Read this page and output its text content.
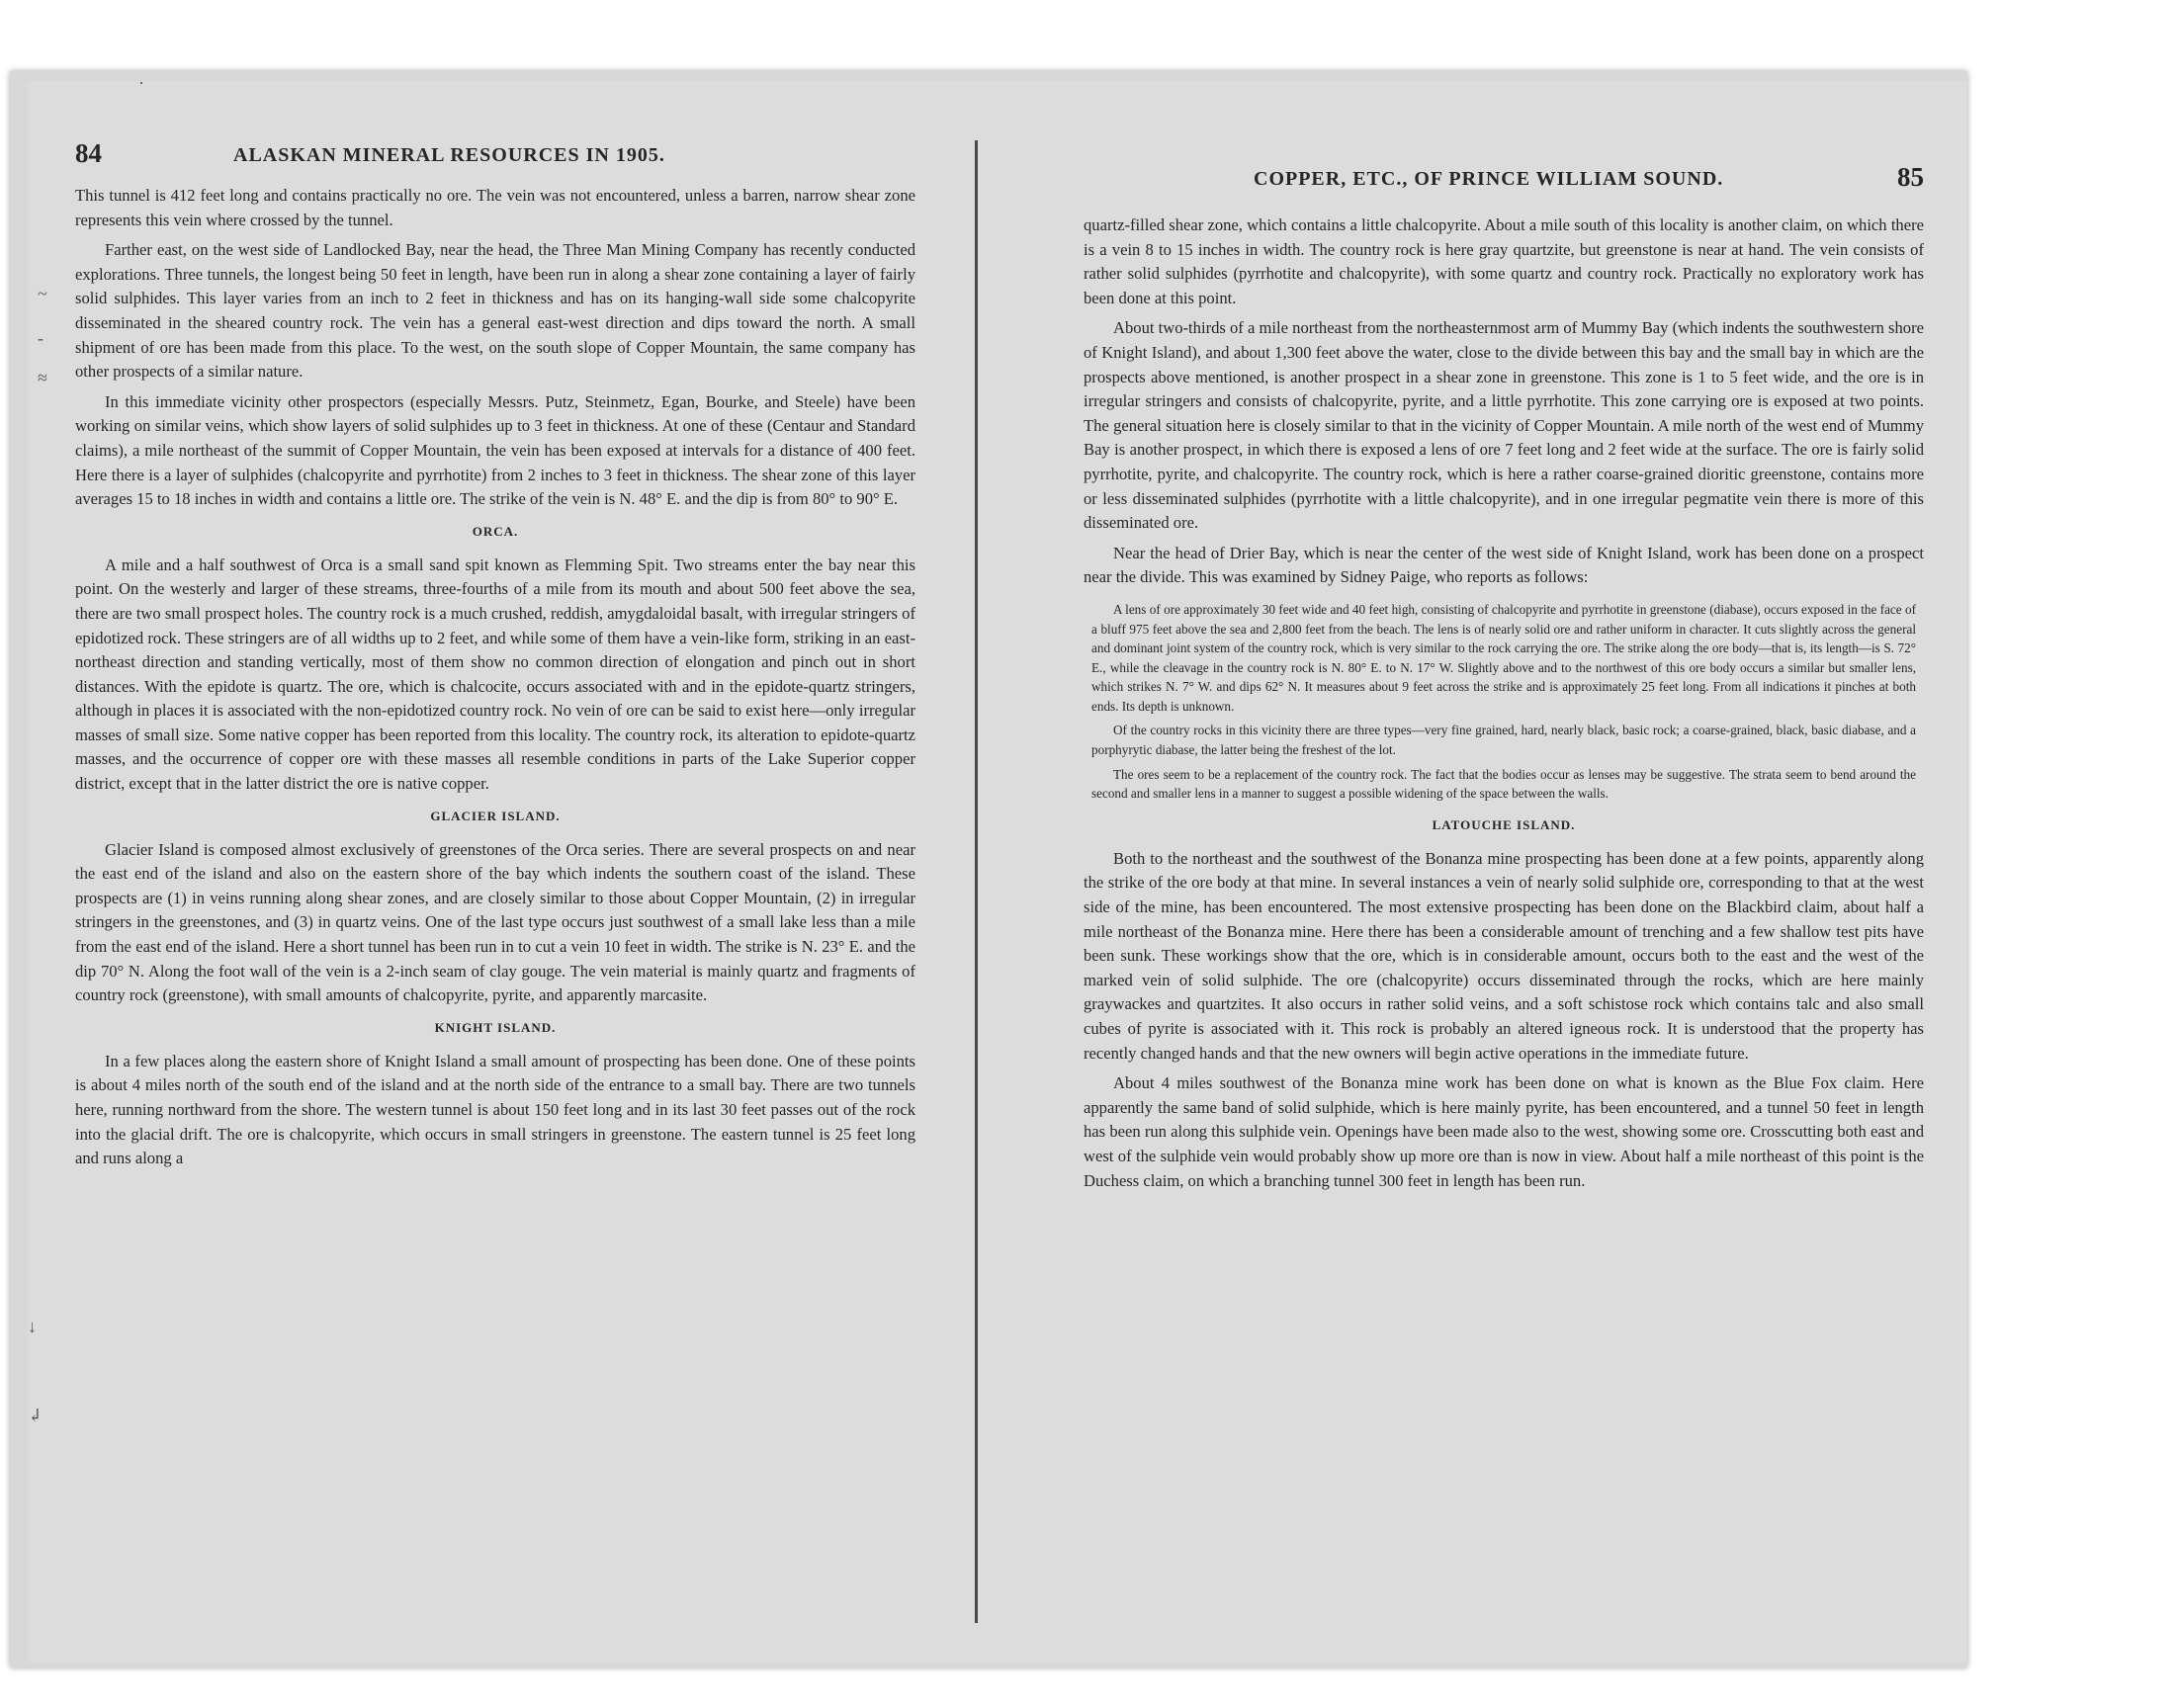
·
~
-
≈
↓
↲
84	ALASKAN MINERAL RESOURCES IN 1905.

This tunnel is 412 feet long and contains practically no ore. The vein was not encountered, unless a barren, narrow shear zone represents this vein where crossed by the tunnel.

Farther east, on the west side of Landlocked Bay, near the head, the Three Man Mining Company has recently conducted explorations. Three tunnels, the longest being 50 feet in length, have been run in along a shear zone containing a layer of fairly solid sulphides. This layer varies from an inch to 2 feet in thickness and has on its hanging-wall side some chalcopyrite disseminated in the sheared country rock. The vein has a general east-west direction and dips toward the north. A small shipment of ore has been made from this place. To the west, on the south slope of Copper Mountain, the same company has other prospects of a similar nature.

In this immediate vicinity other prospectors (especially Messrs. Putz, Steinmetz, Egan, Bourke, and Steele) have been working on similar veins, which show layers of solid sulphides up to 3 feet in thickness. At one of these (Centaur and Standard claims), a mile northeast of the summit of Copper Mountain, the vein has been exposed at intervals for a distance of 400 feet. Here there is a layer of sulphides (chalcopyrite and pyrrhotite) from 2 inches to 3 feet in thickness. The shear zone of this layer averages 15 to 18 inches in width and contains a little ore. The strike of the vein is N. 48° E. and the dip is from 80° to 90° E.

ORCA.

A mile and a half southwest of Orca is a small sand spit known as Flemming Spit. Two streams enter the bay near this point. On the westerly and larger of these streams, three-fourths of a mile from its mouth and about 500 feet above the sea, there are two small prospect holes. The country rock is a much crushed, reddish, amygdaloidal basalt, with irregular stringers of epidotized rock. These stringers are of all widths up to 2 feet, and while some of them have a vein-like form, striking in an east-northeast direction and standing vertically, most of them show no common direction of elongation and pinch out in short distances. With the epidote is quartz. The ore, which is chalcocite, occurs associated with and in the epidote-quartz stringers, although in places it is associated with the non-epidotized country rock. No vein of ore can be said to exist here—only irregular masses of small size. Some native copper has been reported from this locality. The country rock, its alteration to epidote-quartz masses, and the occurrence of copper ore with these masses all resemble conditions in parts of the Lake Superior copper district, except that in the latter district the ore is native copper.

GLACIER ISLAND.

Glacier Island is composed almost exclusively of greenstones of the Orca series. There are several prospects on and near the east end of the island and also on the eastern shore of the bay which indents the southern coast of the island. These prospects are (1) in veins running along shear zones, and are closely similar to those about Copper Mountain, (2) in irregular stringers in the greenstones, and (3) in quartz veins. One of the last type occurs just southwest of a small lake less than a mile from the east end of the island. Here a short tunnel has been run in to cut a vein 10 feet in width. The strike is N. 23° E. and the dip 70° N. Along the foot wall of the vein is a 2-inch seam of clay gouge. The vein material is mainly quartz and fragments of country rock (greenstone), with small amounts of chalcopyrite, pyrite, and apparently marcasite.

KNIGHT ISLAND.

In a few places along the eastern shore of Knight Island a small amount of prospecting has been done. One of these points is about 4 miles north of the south end of the island and at the north side of the entrance to a small bay. There are two tunnels here, running northward from the shore. The western tunnel is about 150 feet long and in its last 30 feet passes out of the rock into the glacial drift. The ore is chalcopyrite, which occurs in small stringers in greenstone. The eastern tunnel is 25 feet long and runs along a

COPPER, ETC., OF PRINCE WILLIAM SOUND.	85

quartz-filled shear zone, which contains a little chalcopyrite. About a mile south of this locality is another claim, on which there is a vein 8 to 15 inches in width. The country rock is here gray quartzite, but greenstone is near at hand. The vein consists of rather solid sulphides (pyrrhotite and chalcopyrite), with some quartz and country rock. Practically no exploratory work has been done at this point.

About two-thirds of a mile northeast from the northeasternmost arm of Mummy Bay (which indents the southwestern shore of Knight Island), and about 1,300 feet above the water, close to the divide between this bay and the small bay in which are the prospects above mentioned, is another prospect in a shear zone in greenstone. This zone is 1 to 5 feet wide, and the ore is in irregular stringers and consists of chalcopyrite, pyrite, and a little pyrrhotite. This zone carrying ore is exposed at two points. The general situation here is closely similar to that in the vicinity of Copper Mountain. A mile north of the west end of Mummy Bay is another prospect, in which there is exposed a lens of ore 7 feet long and 2 feet wide at the surface. The ore is fairly solid pyrrhotite, pyrite, and chalcopyrite. The country rock, which is here a rather coarse-grained dioritic greenstone, contains more or less disseminated sulphides (pyrrhotite with a little chalcopyrite), and in one irregular pegmatite vein there is more of this disseminated ore.

Near the head of Drier Bay, which is near the center of the west side of Knight Island, work has been done on a prospect near the divide. This was examined by Sidney Paige, who reports as follows:

A lens of ore approximately 30 feet wide and 40 feet high, consisting of chalcopyrite and pyrrhotite in greenstone (diabase), occurs exposed in the face of a bluff 975 feet above the sea and 2,800 feet from the beach. The lens is of nearly solid ore and rather uniform in character. It cuts slightly across the general and dominant joint system of the country rock, which is very similar to the rock carrying the ore. The strike along the ore body—that is, its length—is S. 72° E., while the cleavage in the country rock is N. 80° E. to N. 17° W. Slightly above and to the northwest of this ore body occurs a similar but smaller lens, which strikes N. 7° W. and dips 62° N. It measures about 9 feet across the strike and is approximately 25 feet long. From all indications it pinches at both ends. Its depth is unknown.

Of the country rocks in this vicinity there are three types—very fine grained, hard, nearly black, basic rock; a coarse-grained, black, basic diabase, and a porphyrytic diabase, the latter being the freshest of the lot.

The ores seem to be a replacement of the country rock. The fact that the bodies occur as lenses may be suggestive. The strata seem to bend around the second and smaller lens in a manner to suggest a possible widening of the space between the walls.

LATOUCHE ISLAND.

Both to the northeast and the southwest of the Bonanza mine prospecting has been done at a few points, apparently along the strike of the ore body at that mine. In several instances a vein of nearly solid sulphide ore, corresponding to that at the west side of the mine, has been encountered. The most extensive prospecting has been done on the Blackbird claim, about half a mile northeast of the Bonanza mine. Here there has been a considerable amount of trenching and a few shallow test pits have been sunk. These workings show that the ore, which is in considerable amount, occurs both to the east and the west of the marked vein of solid sulphide. The ore (chalcopyrite) occurs disseminated through the rocks, which are here mainly graywackes and quartzites. It also occurs in rather solid veins, and a soft schistose rock which contains talc and also small cubes of pyrite is associated with it. This rock is probably an altered igneous rock. It is understood that the property has recently changed hands and that the new owners will begin active operations in the immediate future.

About 4 miles southwest of the Bonanza mine work has been done on what is known as the Blue Fox claim. Here apparently the same band of solid sulphide, which is here mainly pyrite, has been encountered, and a tunnel 50 feet in length has been run along this sulphide vein. Openings have been made also to the west, showing some ore. Crosscutting both east and west of the sulphide vein would probably show up more ore than is now in view. About half a mile northeast of this point is the Duchess claim, on which a branching tunnel 300 feet in length has been run.
